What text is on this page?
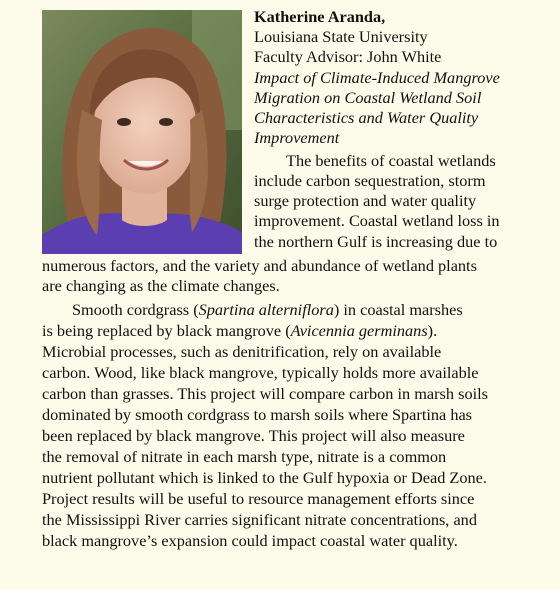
Katherine Aranda,
Louisiana State University
Faculty Advisor: John White
Impact of Climate-Induced Mangrove
Migration on Coastal Wetland Soil
Characteristics and Water Quality
Improvement
The benefits of coastal wetlands
include carbon sequestration, storm
surge protection and water quality
improvement. Coastal wetland loss in
the northern Gulf is increasing due to
numerous factors, and the variety and abundance of wetland plants
are changing as the climate changes.
Smooth cordgrass (Spartina alterniflora) in coastal marshes
is being replaced by black mangrove (Avicennia germinans).
Microbial processes, such as denitrification, rely on available
carbon. Wood, like black mangrove, typically holds more available
carbon than grasses. This project will compare carbon in marsh soils
dominated by smooth cordgrass to marsh soils where Spartina has
been replaced by black mangrove. This project will also measure
the removal of nitrate in each marsh type, nitrate is a common
nutrient pollutant which is linked to the Gulf hypoxia or Dead Zone.
Project results will be useful to resource management efforts since
the Mississippi River carries significant nitrate concentrations, and
black mangrove’s expansion could impact coastal water quality.
